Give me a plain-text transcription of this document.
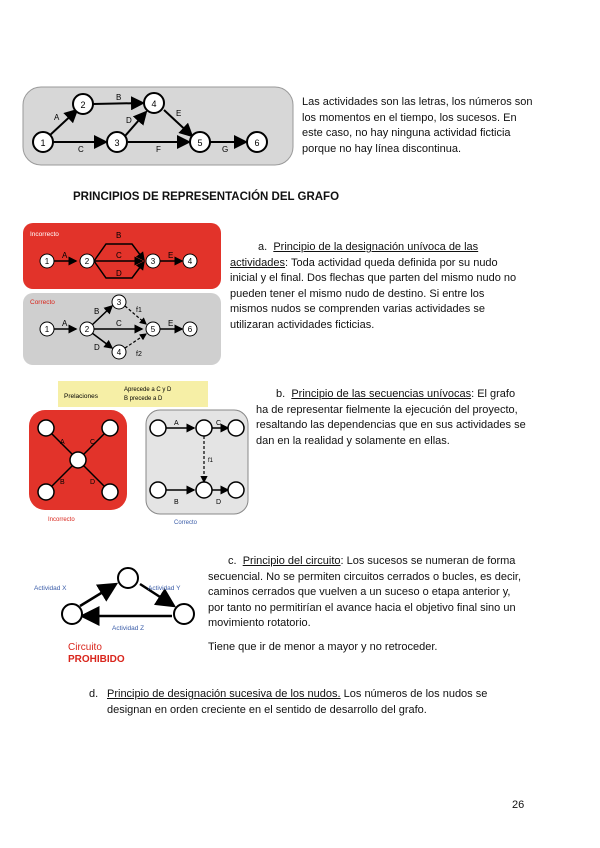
1
2
3
4
5	6
A
B
C
D
E
F	G
Las actividades son las letras, los números son los momentos en el tiempo, los sucesos. En este caso, no hay ninguna actividad ficticia porque no hay línea discontinua.
PRINCIPIOS DE REPRESENTACIÓN DEL GRAFO
Incorrecto
1	2	3	4
A
B
C
D
E
Correcto
1	2
3
4
5	6
A
B
C
D
E
f1
f2
a. Principio de la designación unívoca de las actividades: Toda actividad queda definida por su nudo inicial y el final. Dos flechas que parten del mismo nudo no pueden tener el mismo nudo de destino. Si entre los mismos nudos se comprenden varias actividades se utilizaran actividades ficticias.
Prelaciones
Aprecede a C y D
B precede a D
A	C
B	D
Incorrecto
A	C
f1
B	D
Correcto
b. Principio de las secuencias unívocas: El grafo ha de representar fielmente la ejecución del proyecto, resaltando las dependencias que en sus actividades se dan en la realidad y solamente en ellas.
Actividad X	Actividad Y
Actividad Z
Circuito
PROHIBIDO
c. Principio del circuito: Los sucesos se numeran de forma secuencial. No se permiten circuitos cerrados o bucles, es decir, caminos cerrados que vuelven a un suceso o etapa anterior y, por tanto no permitirían el avance hacia el objetivo final sino un movimiento rotatorio.
Tiene que ir de menor a mayor y no retroceder.
d. Principio de designación sucesiva de los nudos. Los números de los nudos se designan en orden creciente en el sentido de desarrollo del grafo.
26
